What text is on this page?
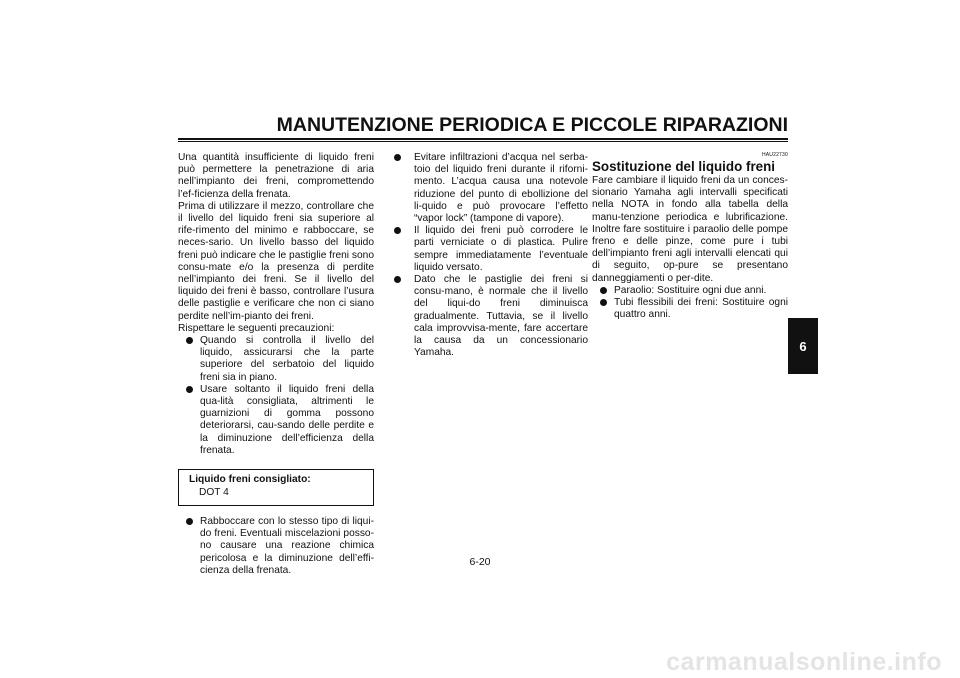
MANUTENZIONE PERIODICA E PICCOLE RIPARAZIONI

Una quantità insufficiente di liquido freni può permettere la penetrazione di aria nell’impianto dei freni, compromettendo l’ef-ficienza della frenata.

Prima di utilizzare il mezzo, controllare che il livello del liquido freni sia superiore al rife-rimento del minimo e rabboccare, se neces-sario. Un livello basso del liquido freni può indicare che le pastiglie freni sono consu-mate e/o la presenza di perdite nell’impianto dei freni. Se il livello del liquido dei freni è basso, controllare l’usura delle pastiglie e verificare che non ci siano perdite nell’im-pianto dei freni.

Rispettare le seguenti precauzioni:

Quando si controlla il livello del liquido, assicurarsi che la parte superiore del serbatoio del liquido freni sia in piano.
Usare soltanto il liquido freni della qua-lità consigliata, altrimenti le guarnizioni di gomma possono deteriorarsi, cau-sando delle perdite e la diminuzione dell’efficienza della frenata.
Liquido freni consigliato:
DOT 4
Rabboccare con lo stesso tipo di liqui-do freni. Eventuali miscelazioni posso-no causare una reazione chimica pericolosa e la diminuzione dell’effi-cienza della frenata.
Evitare infiltrazioni d’acqua nel serba-toio del liquido freni durante il riforni-mento. L’acqua causa una notevole riduzione del punto di ebollizione del li-quido e può provocare l’effetto “vapor lock” (tampone di vapore).
Il liquido dei freni può corrodere le parti verniciate o di plastica. Pulire sempre immediatamente l’eventuale liquido versato.
Dato che le pastiglie dei freni si consu-mano, è normale che il livello del liqui-do freni diminuisca gradualmente. Tuttavia, se il livello cala improvvisa-mente, fare accertare la causa da un concessionario Yamaha.
HAU22730
Sostituzione del liquido freni

Fare cambiare il liquido freni da un conces-sionario Yamaha agli intervalli specificati nella NOTA in fondo alla tabella della manu-tenzione periodica e lubrificazione. Inoltre fare sostituire i paraolio delle pompe freno e delle pinze, come pure i tubi dell’impianto freni agli intervalli elencati qui di seguito, op-pure se presentano danneggiamenti o per-dite.

Paraolio: Sostituire ogni due anni.
Tubi flessibili dei freni: Sostituire ogni quattro anni.
6-20
6
carmanualsonline.info
